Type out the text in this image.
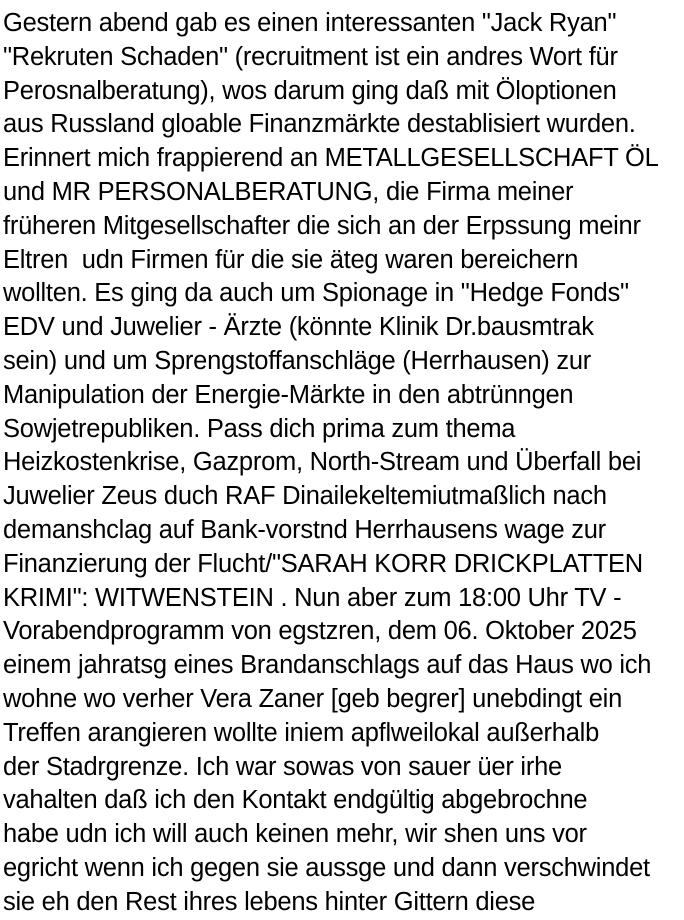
Gestern abend gab es einen interessanten "Jack Ryan"
"Rekruten Schaden" (recruitment ist ein andres Wort für
Perosnalberatung), wos darum ging daß mit Öloptionen
aus Russland gloable Finanzmärkte destablisiert wurden.
Erinnert mich frappierend an METALLGESELLSCHAFT ÖL
und MR PERSONALBERATUNG, die Firma meiner
früheren Mitgesellschafter die sich an der Erpssung meinr
Eltren  udn Firmen für die sie äteg waren bereichern
wollten. Es ging da auch um Spionage in "Hedge Fonds"
EDV und Juwelier - Ärzte (könnte Klinik Dr.bausmtrak
sein) und um Sprengstoffanschläge (Herrhausen) zur
Manipulation der Energie-Märkte in den abtrünngen
Sowjetrepubliken. Pass dich prima zum thema
Heizkostenkrise, Gazprom, North-Stream und Überfall bei
Juwelier Zeus duch RAF Dinailekeltemiutmaßlich nach
demanshclag auf Bank-vorstnd Herrhausens wage zur
Finanzierung der Flucht/"SARAH KORR DRICKPLATTEN
KRIMI": WITWENSTEIN . Nun aber zum 18:00 Uhr TV -
Vorabendprogramm von egstzren, dem 06. Oktober 2025
einem jahratsg eines Brandanschlags auf das Haus wo ich
wohne wo verher Vera Zaner [geb begrer] unebdingt ein
Treffen arangieren wollte iniem apflweilokal außerhalb
der Stadrgrenze. Ich war sowas von sauer üer irhe
vahalten daß ich den Kontakt endgültig abgebrochne
habe udn ich will auch keinen mehr, wir shen uns vor
egricht wenn ich gegen sie aussge und dann verschwindet
sie eh den Rest ihres lebens hinter Gittern diese
